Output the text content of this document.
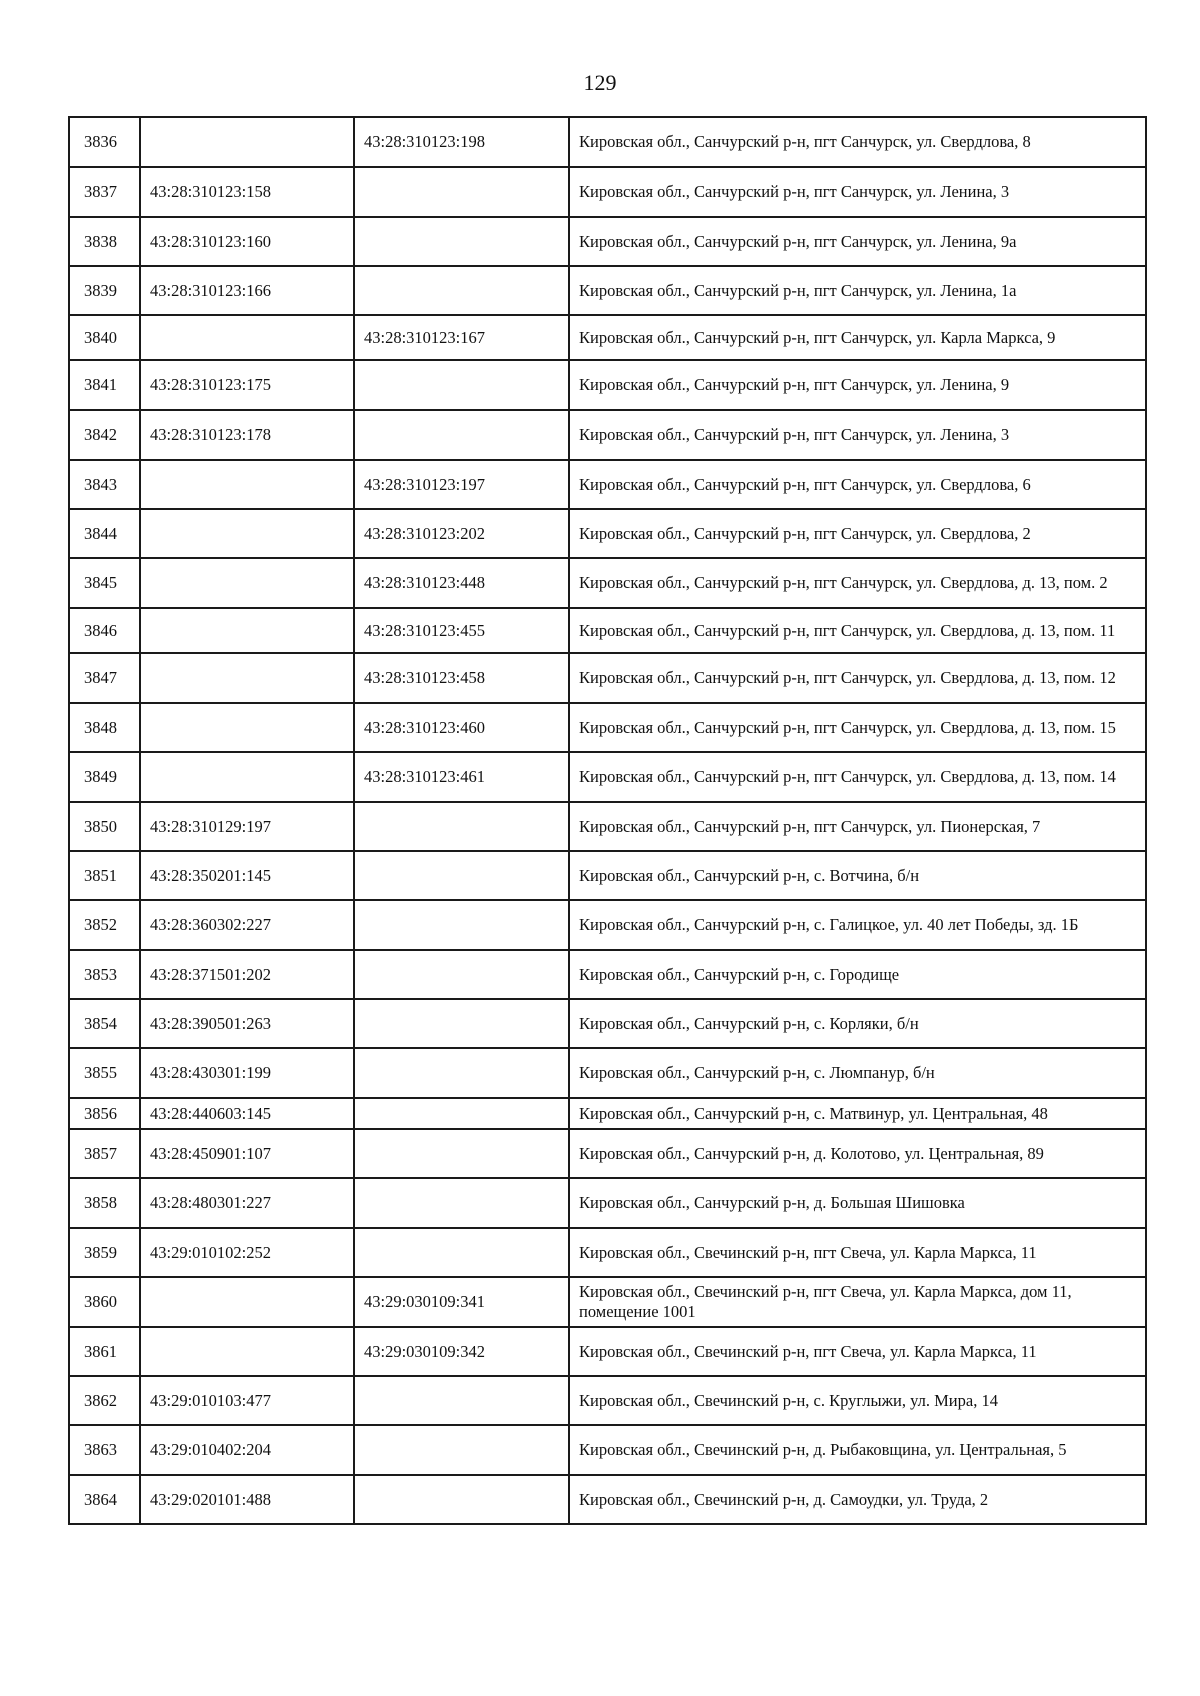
129
3836		43:28:310123:198	Кировская обл., Санчурский р-н, пгт Санчурск, ул. Свердлова, 8
3837	43:28:310123:158		Кировская обл., Санчурский р-н, пгт Санчурск, ул. Ленина, 3
3838	43:28:310123:160		Кировская обл., Санчурский р-н, пгт Санчурск, ул. Ленина, 9а
3839	43:28:310123:166		Кировская обл., Санчурский р-н, пгт Санчурск, ул. Ленина, 1а
3840		43:28:310123:167	Кировская обл., Санчурский р-н, пгт Санчурск, ул. Карла Маркса, 9
3841	43:28:310123:175		Кировская обл., Санчурский р-н, пгт Санчурск, ул. Ленина, 9
3842	43:28:310123:178		Кировская обл., Санчурский р-н, пгт Санчурск, ул. Ленина, 3
3843		43:28:310123:197	Кировская обл., Санчурский р-н, пгт Санчурск, ул. Свердлова, 6
3844		43:28:310123:202	Кировская обл., Санчурский р-н, пгт Санчурск, ул. Свердлова, 2
3845		43:28:310123:448	Кировская обл., Санчурский р-н, пгт Санчурск, ул. Свердлова, д. 13, пом. 2
3846		43:28:310123:455	Кировская обл., Санчурский р-н, пгт Санчурск, ул. Свердлова, д. 13, пом. 11
3847		43:28:310123:458	Кировская обл., Санчурский р-н, пгт Санчурск, ул. Свердлова, д. 13, пом. 12
3848		43:28:310123:460	Кировская обл., Санчурский р-н, пгт Санчурск, ул. Свердлова, д. 13, пом. 15
3849		43:28:310123:461	Кировская обл., Санчурский р-н, пгт Санчурск, ул. Свердлова, д. 13, пом. 14
3850	43:28:310129:197		Кировская обл., Санчурский р-н, пгт Санчурск, ул. Пионерская, 7
3851	43:28:350201:145		Кировская обл., Санчурский р-н, с. Вотчина, б/н
3852	43:28:360302:227		Кировская обл., Санчурский р-н, с. Галицкое, ул. 40 лет Победы, зд. 1Б
3853	43:28:371501:202		Кировская обл., Санчурский р-н, с. Городище
3854	43:28:390501:263		Кировская обл., Санчурский р-н, с. Корляки, б/н
3855	43:28:430301:199		Кировская обл., Санчурский р-н, с. Люмпанур, б/н
3856	43:28:440603:145		Кировская обл., Санчурский р-н, с. Матвинур, ул. Центральная, 48
3857	43:28:450901:107		Кировская обл., Санчурский р-н, д. Колотово, ул. Центральная, 89
3858	43:28:480301:227		Кировская обл., Санчурский р-н, д. Большая Шишовка
3859	43:29:010102:252		Кировская обл., Свечинский р-н, пгт Свеча, ул. Карла Маркса, 11
3860		43:29:030109:341	Кировская обл., Свечинский р-н, пгт Свеча, ул. Карла Маркса, дом 11, помещение 1001
3861		43:29:030109:342	Кировская обл., Свечинский р-н, пгт Свеча, ул. Карла Маркса, 11
3862	43:29:010103:477		Кировская обл., Свечинский р-н, с. Круглыжи, ул. Мира, 14
3863	43:29:010402:204		Кировская обл., Свечинский р-н, д. Рыбаковщина, ул. Центральная, 5
3864	43:29:020101:488		Кировская обл., Свечинский р-н, д. Самоудки, ул. Труда, 2
